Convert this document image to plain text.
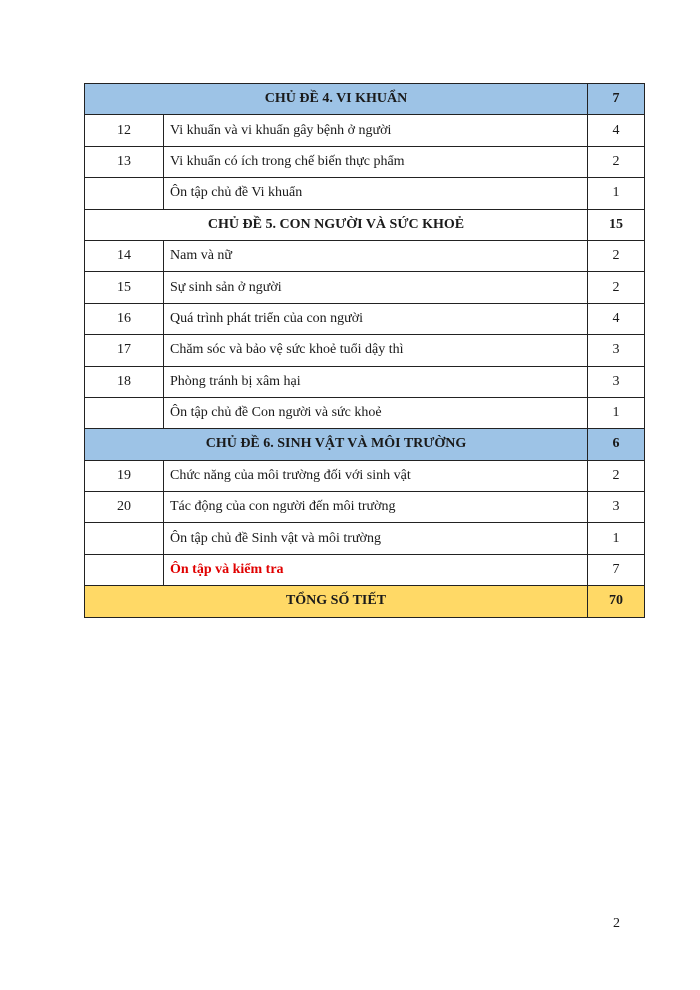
CHỦ ĐỀ 4. VI KHUẨN		7
12	Vi khuẩn và vi khuẩn gây bệnh ở người	4
13	Vi khuẩn có ích trong chế biến thực phẩm	2
	Ôn tập chủ đề Vi khuẩn	1
CHỦ ĐỀ 5. CON NGƯỜI VÀ SỨC KHOẺ		15
14	Nam và nữ	2
15	Sự sinh sản ở người	2
16	Quá trình phát triển của con người	4
17	Chăm sóc và bảo vệ sức khoẻ tuổi dậy thì	3
18	Phòng tránh bị xâm hại	3
	Ôn tập chủ đề Con người và sức khoẻ	1
CHỦ ĐỀ 6. SINH VẬT VÀ MÔI TRƯỜNG		6
19	Chức năng của môi trường đối với sinh vật	2
20	Tác động của con người đến môi trường	3
	Ôn tập chủ đề Sinh vật và môi trường	1
	Ôn tập và kiểm tra	7
TỔNG SỐ TIẾT		70
2
